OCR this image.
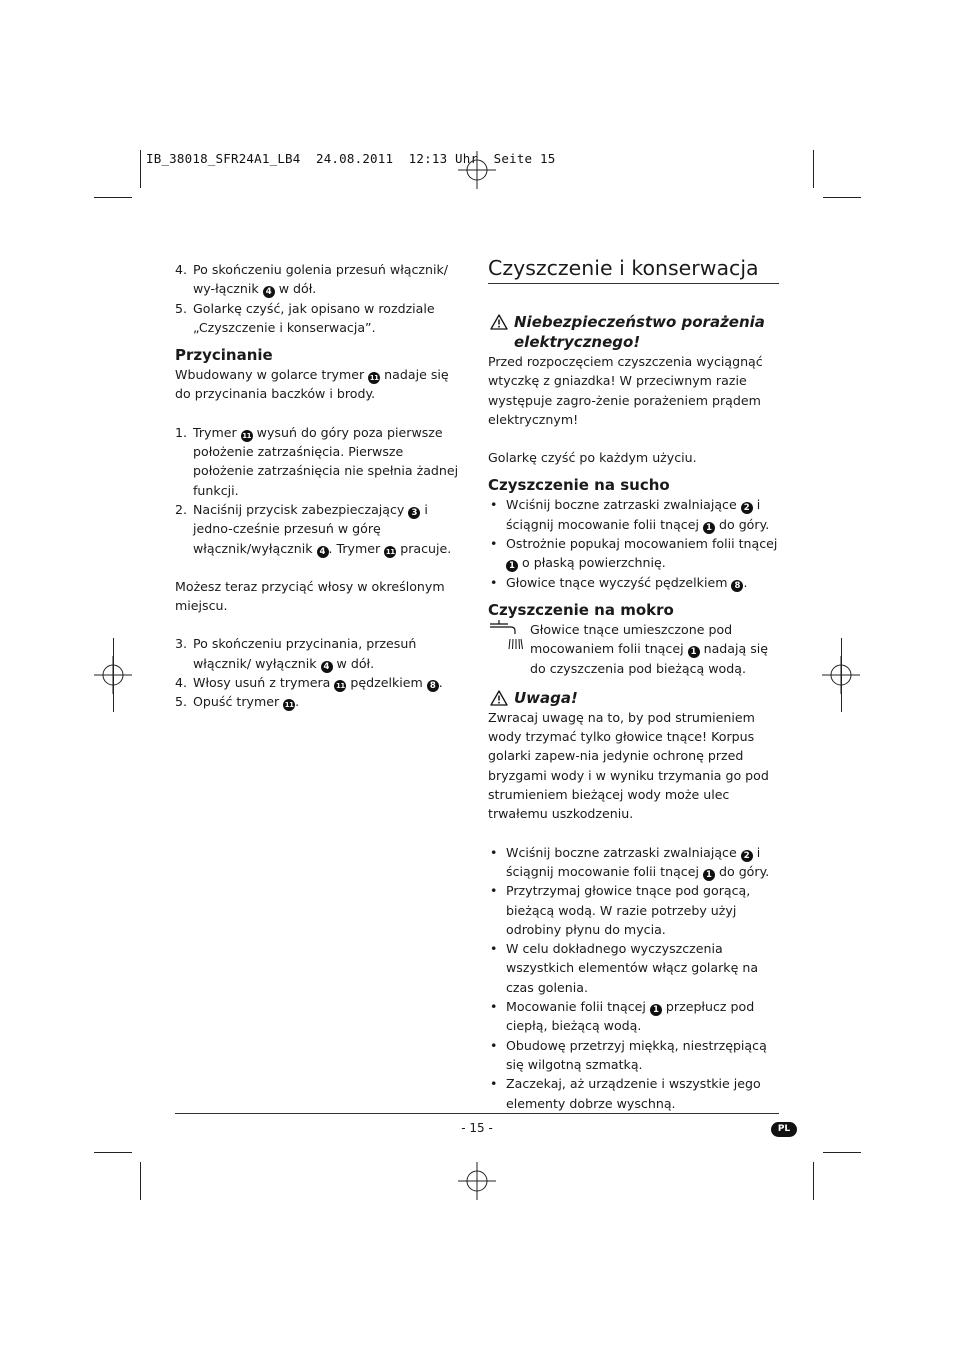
IB_38018_SFR24A1_LB4  24.08.2011  12:13 Uhr  Seite 15
4. Po skończeniu golenia przesuń włącznik/ wy-łącznik 4 w dół.
5. Golarkę czyść, jak opisano w rozdziale „Czyszczenie i konserwacja”.
Przycinanie

Wbudowany w golarce trymer 11 nadaje się do przycinania baczków i brody.

1. Trymer 11 wysuń do góry poza pierwsze położenie zatrzaśnięcia. Pierwsze położenie zatrzaśnięcia nie spełnia żadnej funkcji.
2. Naciśnij przycisk zabezpieczający 3 i jedno-cześnie przesuń w górę włącznik/wyłącznik 4 . Trymer 11 pracuje.

Możesz teraz przyciąć włosy w określonym miejscu.

3. Po skończeniu przycinania, przesuń włącznik/ wyłącznik 4 w dół.
4. Włosy usuń z trymera 11 pędzelkiem 8 .
5. Opuść trymer 11 .
Czyszczenie i konserwacja
Niebezpieczeństwo porażenia elektrycznego!

Przed rozpoczęciem czyszczenia wyciągnąć wtyczkę z gniazdka! W przeciwnym razie występuje zagro-żenie porażeniem prądem elektrycznym!

Golarkę czyść po każdym użyciu.

Czyszczenie na sucho
• Wciśnij boczne zatrzaski zwalniające 2 i ściągnij mocowanie folii tnącej 1 do góry.
• Ostrożnie popukaj mocowaniem folii tnącej 1 o płaską powierzchnię.
• Głowice tnące wyczyść pędzelkiem 8 .
Czyszczenie na mokro
Głowice tnące umieszczone pod mocowaniem folii tnącej 1 nadają się do czyszczenia pod bieżącą wodą.
Uwaga!

Zwracaj uwagę na to, by pod strumieniem wody trzymać tylko głowice tnące! Korpus golarki zapew-nia jedynie ochronę przed bryzgami wody i w wyniku trzymania go pod strumieniem bieżącej wody może ulec trwałemu uszkodzeniu.

• Wciśnij boczne zatrzaski zwalniające 2 i ściągnij mocowanie folii tnącej 1 do góry.
• Przytrzymaj głowice tnące pod gorącą, bieżącą wodą. W razie potrzeby użyj odrobiny płynu do mycia.
• W celu dokładnego wyczyszczenia wszystkich elementów włącz golarkę na czas golenia.
• Mocowanie folii tnącej 1 przepłucz pod ciepłą, bieżącą wodą.
• Obudowę przetrzyj miękką, niestrzępiącą się wilgotną szmatką.
• Zaczekaj, aż urządzenie i wszystkie jego elementy dobrze wyschną.
- 15 -	PL
